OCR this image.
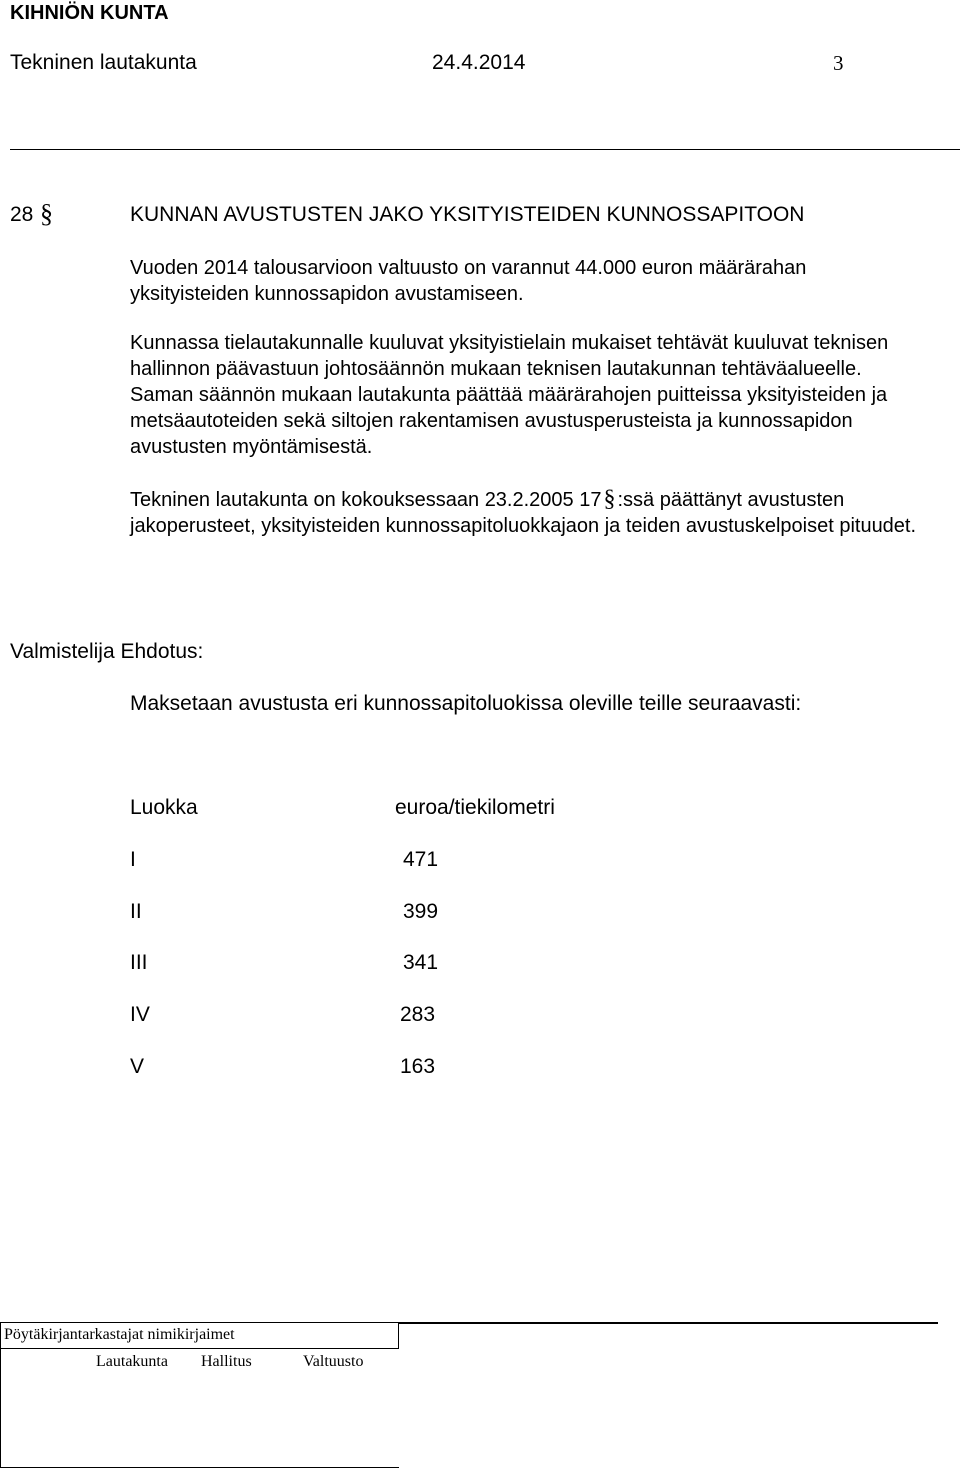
KIHNIÖN KUNTA
Tekninen lautakunta	24.4.2014	3
28 §	KUNNAN AVUSTUSTEN JAKO YKSITYISTEIDEN KUNNOSSAPITOON

Vuoden 2014 talousarvioon valtuusto on varannut 44.000 euron määrärahan yksityisteiden kunnossapidon avustamiseen.

Kunnassa tielautakunnalle kuuluvat yksityistielain mukaiset tehtävät kuuluvat teknisen hallinnon päävastuun johtosäännön mukaan teknisen lautakunnan tehtäväalueelle. Saman säännön mukaan lautakunta päättää määrärahojen puitteissa yksityisteiden ja metsäautoteiden sekä siltojen rakentamisen avustusperusteista ja kunnossapidon avustusten myöntämisestä.

Tekninen lautakunta on kokouksessaan 23.2.2005 17§ :ssä päättänyt avustusten jakoperusteet, yksityisteiden kunnossapitoluokkajaon ja teiden avustuskelpoiset pituudet.

Valmistelija Ehdotus:
Maksetaan avustusta eri kunnossapitoluokissa oleville teille seuraavasti:
Luokka	euroa/tiekilometri
I	471
II	399
III	341
IV	283
V	163
Pöytäkirjantarkastajat nimikirjaimet
Lautakunta Hallitus	Valtuusto
